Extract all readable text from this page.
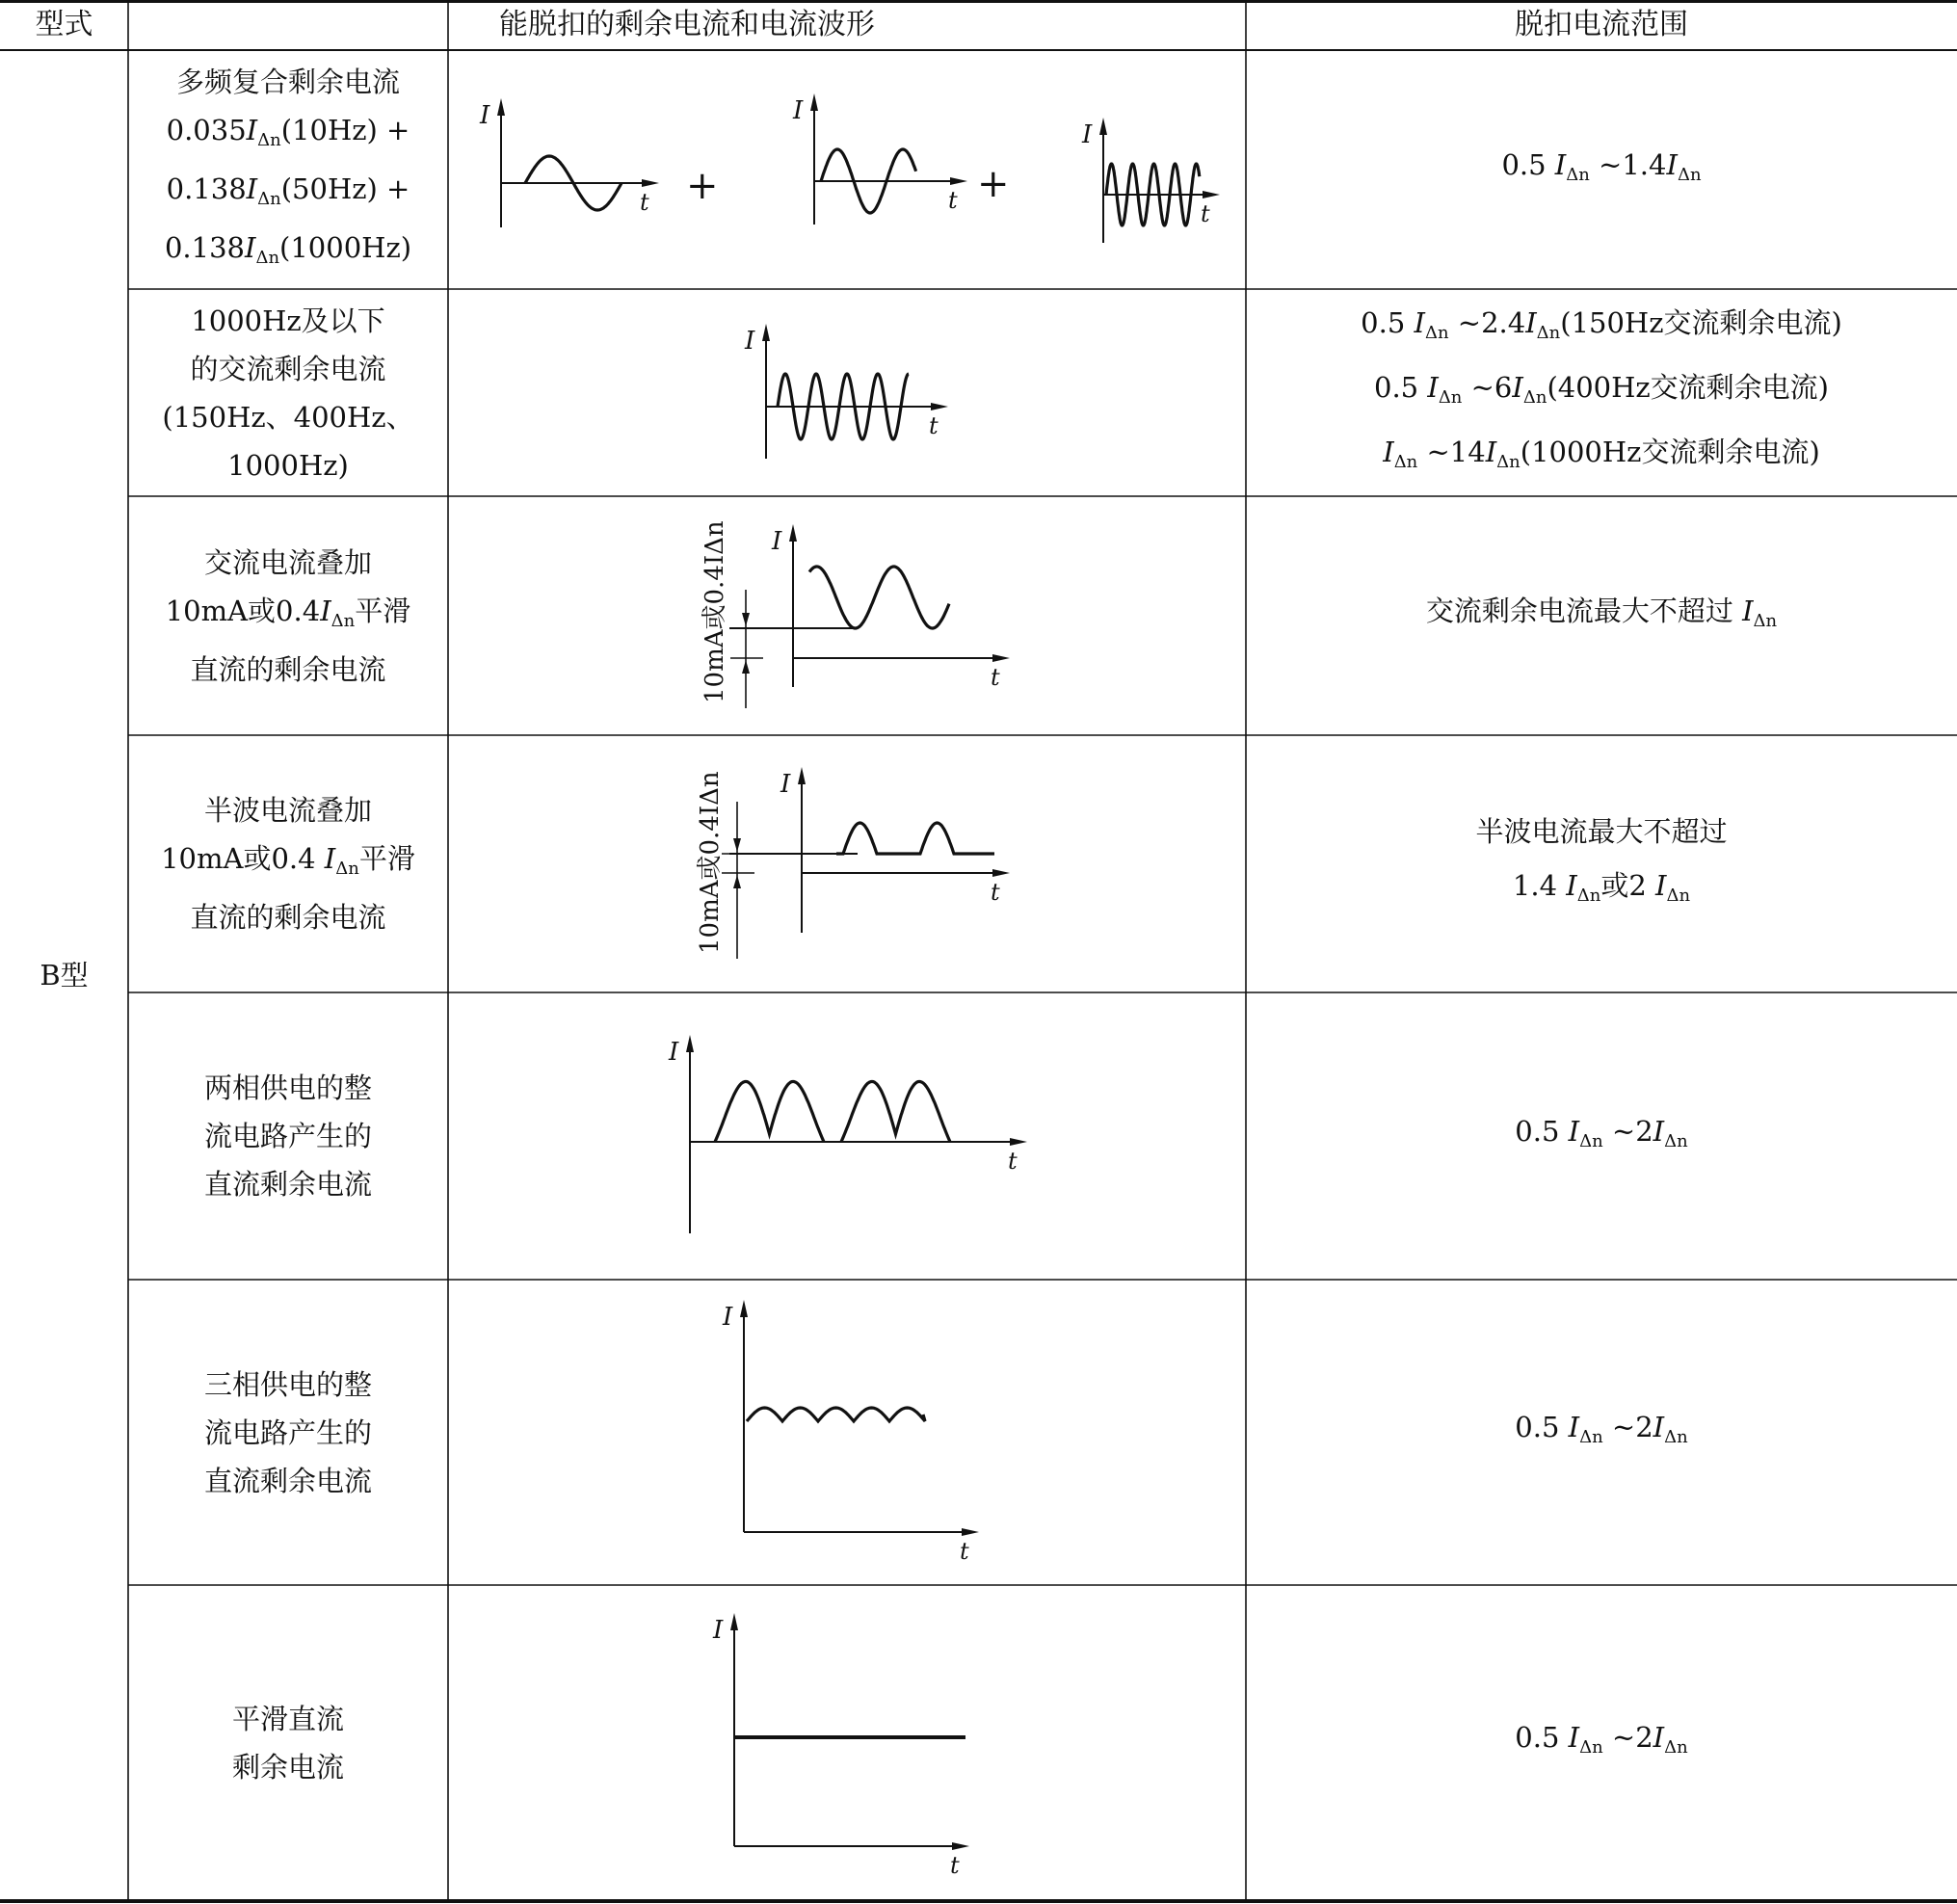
型式	能脱扣的剩余电流和电流波形	脱扣电流范围
B型
多频复合剩余电流
$0.035I_{\Delta n}(10Hz)$ +
$0.138I_{\Delta n}(50Hz)$ +
$0.138I_{\Delta n}(1000Hz)$
1000Hz及以下
的交流剩余电流
(150Hz、400Hz、
1000Hz)
交流电流叠加
10mA或$0.4I_{\Delta n}$平滑
直流的剩余电流
半波电流叠加
10mA或0.4 $I_{\Delta n}$平滑
直流的剩余电流
两相供电的整
流电路产生的
直流剩余电流
三相供电的整
流电路产生的
直流剩余电流
平滑直流
剩余电流
0.5 $I_{\Delta n}$ $\sim 1.4I_{\Delta n}$
0.5 $I_{\Delta n}$ $\sim 2.4I_{\Delta n}(150Hz$交流剩余电流)
0.5 $I_{\Delta n}$ $\sim 6I_{\Delta n}(400Hz$交流剩余电流)
$I_{\Delta n}$ $\sim 14I_{\Delta n}(1000Hz$交流剩余电流)
交流剩余电流最大不超过 $I_{\Delta n}$
半波电流最大不超过
1.4 $I_{\Delta n}$或2 $I_{\Delta n}$
0.5 $I_{\Delta n}$ $\sim 2I_{\Delta n}$
0.5 $I_{\Delta n}$ $\sim 2I_{\Delta n}$
0.5 $I_{\Delta n}$ $\sim 2I_{\Delta n}$
I
t +
I
t +
I
t
I
t
I
t
10mA或0.4IΔn
I
t
10mA或0.4IΔn
I
t
I
t
I
t
